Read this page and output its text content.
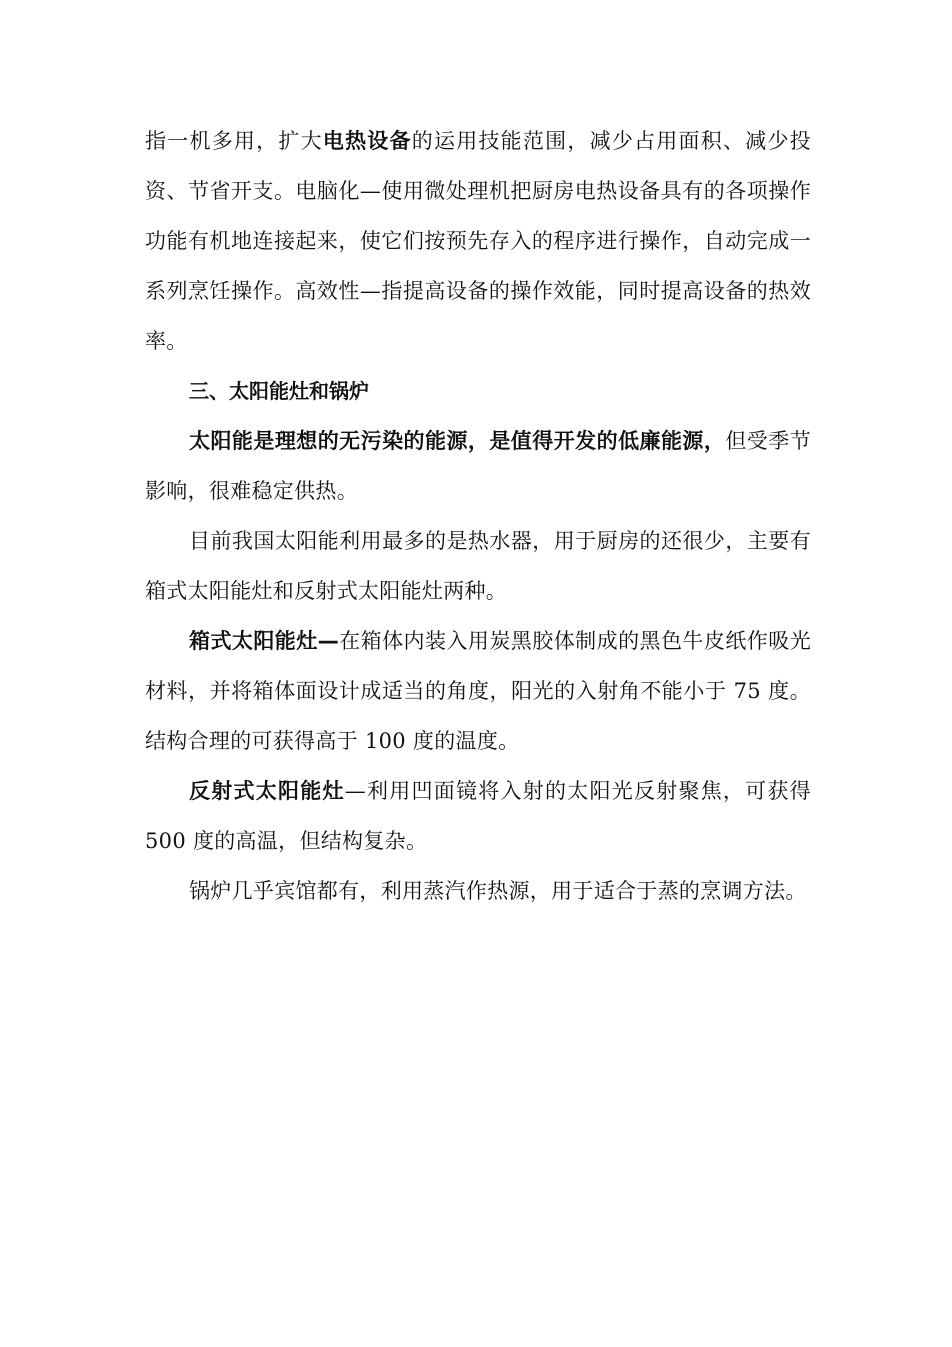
指一机多用，扩大电热设备的运用技能范围，减少占用面积、减少投资、节省开支。电脑化—使用微处理机把厨房电热设备具有的各项操作功能有机地连接起来，使它们按预先存入的程序进行操作，自动完成一系列烹饪操作。高效性—指提高设备的操作效能，同时提高设备的热效率。

三、太阳能灶和锅炉

太阳能是理想的无污染的能源，是值得开发的低廉能源，但受季节影响，很难稳定供热。

目前我国太阳能利用最多的是热水器，用于厨房的还很少，主要有箱式太阳能灶和反射式太阳能灶两种。

箱式太阳能灶—在箱体内装入用炭黑胶体制成的黑色牛皮纸作吸光材料，并将箱体面设计成适当的角度，阳光的入射角不能小于 75 度。结构合理的可获得高于 100 度的温度。

反射式太阳能灶—利用凹面镜将入射的太阳光反射聚焦，可获得 500 度的高温，但结构复杂。

锅炉几乎宾馆都有，利用蒸汽作热源，用于适合于蒸的烹调方法。
